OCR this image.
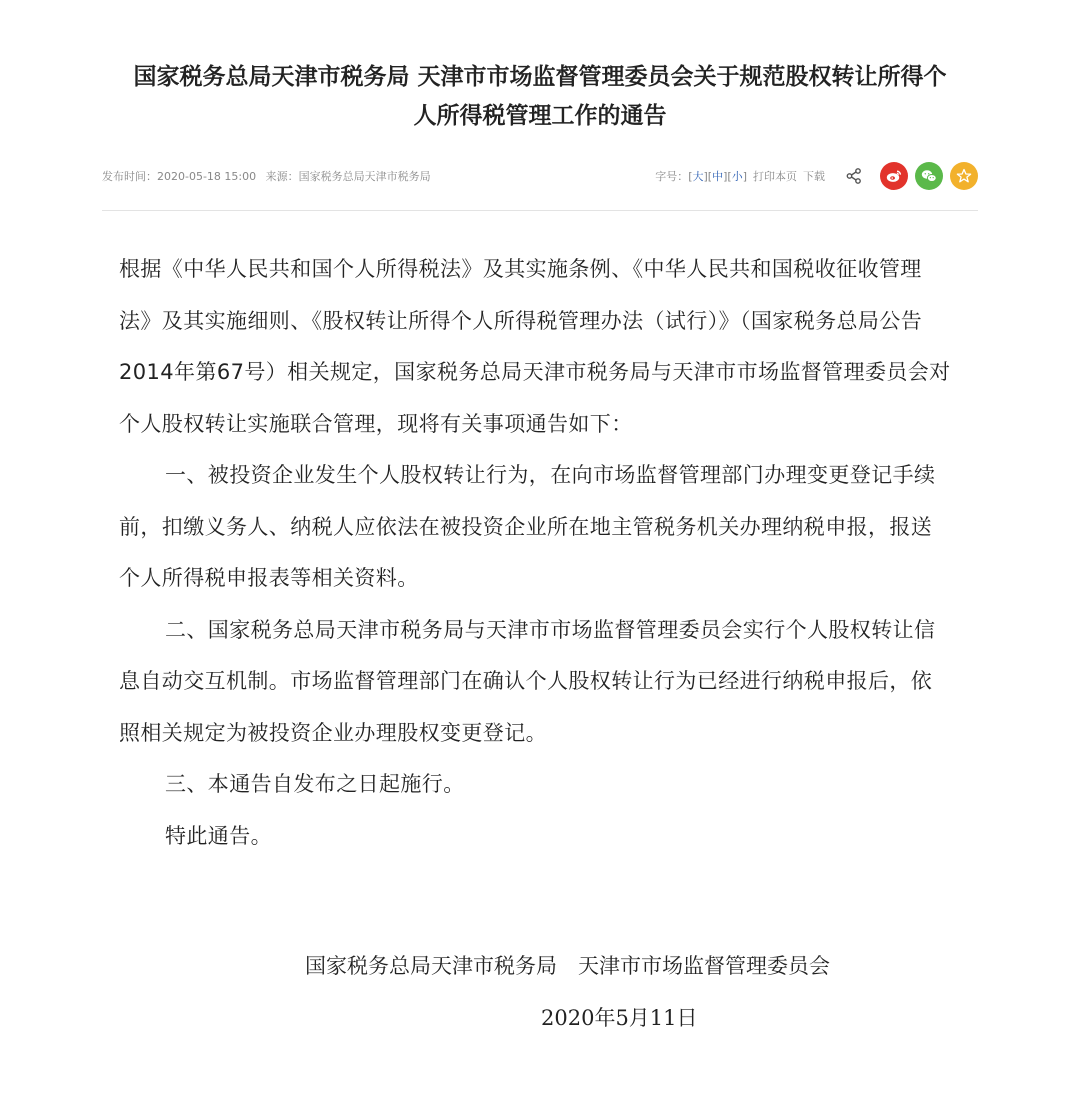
国家税务总局天津市税务局 天津市市场监督管理委员会关于规范股权转让所得个
人所得税管理工作的通告
发布时间：2020-05-18 15:00 来源：国家税务总局天津市税务局	字号： [ 大 ][ 中 ][ 小 ] 打印本页 下载

根据《中华人民共和国个人所得税法》及其实施条例、《中华人民共和国税收征收管理法》及其实施细则、《股权转让所得个人所得税管理办法（试行）》（国家税务总局公告2014年第67号）相关规定，国家税务总局天津市税务局与天津市市场监督管理委员会对个人股权转让实施联合管理，现将有关事项通告如下：

一、被投资企业发生个人股权转让行为，在向市场监督管理部门办理变更登记手续前，扣缴义务人、纳税人应依法在被投资企业所在地主管税务机关办理纳税申报，报送个人所得税申报表等相关资料。

二、国家税务总局天津市税务局与天津市市场监督管理委员会实行个人股权转让信息自动交互机制。市场监督管理部门在确认个人股权转让行为已经进行纳税申报后，依照相关规定为被投资企业办理股权变更登记。

三、本通告自发布之日起施行。

特此通告。

国家税务总局天津市税务局　天津市市场监督管理委员会
2020年5月11日
